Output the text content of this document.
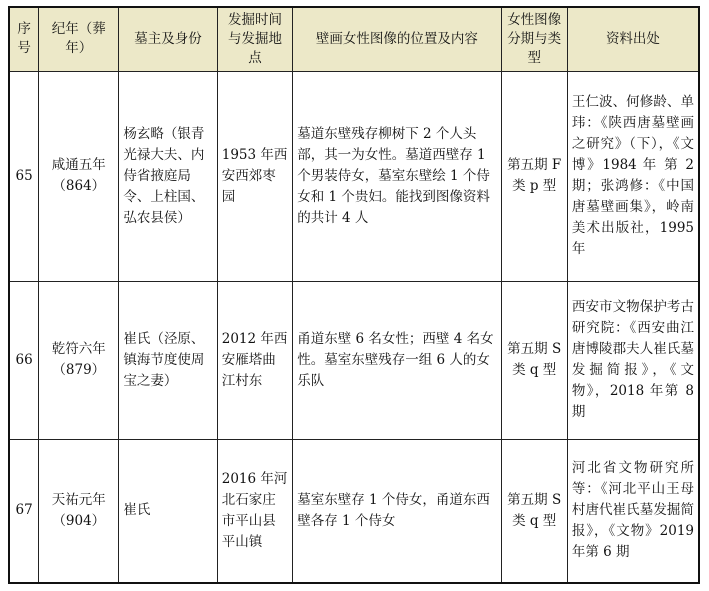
序号	纪年（葬年）	墓主及身份	发掘时间与发掘地点	壁画女性图像的位置及内容	女性图像分期与类型	资料出处
65	咸通五年（864）	杨玄略（银青光禄大夫、内侍省掖庭局令、上柱国、弘农县侯）	1953 年西安西郊枣园	墓道东壁残存柳树下 2 个人头部，其一为女性。墓道西壁存 1 个男装侍女，墓室东壁绘 1 个侍女和 1 个贵妇。能找到图像资料的共计 4 人	第五期 F 类 p 型	王仁波、何修龄、单玮：《陕西唐墓壁画之研究》（下），《文博》1984 年 第 2 期；张鸿修：《中国唐墓壁画集》，岭南美术出版社，1995 年
66	乾符六年（879）	崔氏（泾原、镇海节度使周宝之妻）	2012 年西安雁塔曲江村东	甬道东壁 6 名女性；西壁 4 名女性。墓室东壁残存一组 6 人的女乐队	第五期 S 类 q 型	西安市文物保护考古研究院：《西安曲江唐博陵郡夫人崔氏墓发掘简报》，《文物》，2018 年第 8 期
67	天祐元年（904）	崔氏	2016 年河北石家庄市平山县平山镇	墓室东壁存 1 个侍女，甬道东西壁各存 1 个侍女	第五期 S 类 q 型	河北省文物研究所等：《河北平山王母村唐代崔氏墓发掘简报》，《文物》2019 年第 6 期
